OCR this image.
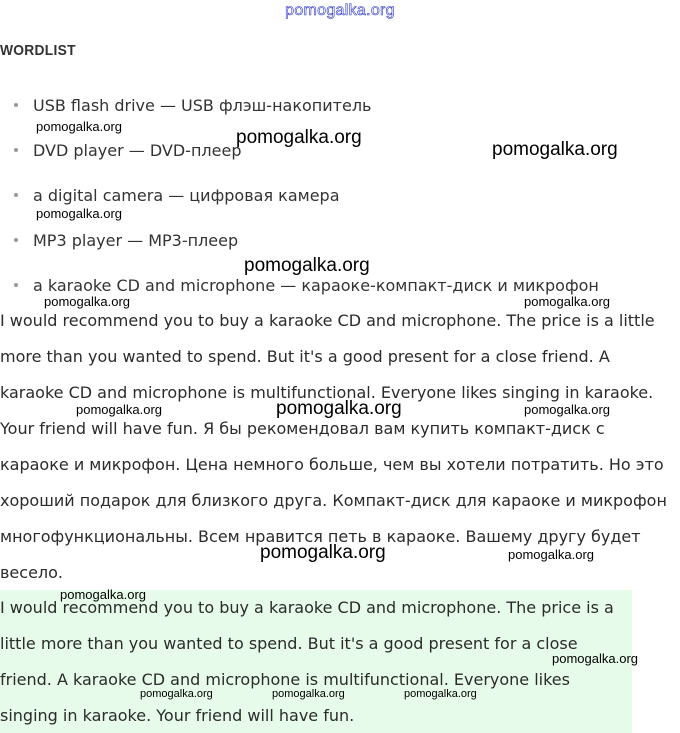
pomogalka.org
WORDLIST
USB flash drive — USB флэш-накопитель
DVD player — DVD-плеер
a digital camera — цифровая камера
MP3 player — MP3-плеер
a karaoke CD and microphone — караоке-компакт-диск и микрофон
I would recommend you to buy a karaoke CD and microphone. The price is a little
more than you wanted to spend. But it's a good present for a close friend. A
karaoke CD and microphone is multifunctional. Everyone likes singing in karaoke.
Your friend will have fun. Я бы рекомендовал вам купить компакт-диск с
караоке и микрофон. Цена немного больше, чем вы хотели потратить. Но это
хороший подарок для близкого друга. Компакт-диск для караоке и микрофон
многофункциональны. Всем нравится петь в караоке. Вашему другу будет
весело.
I would recommend you to buy a karaoke CD and microphone. The price is a
little more than you wanted to spend. But it's a good present for a close
friend. A karaoke CD and microphone is multifunctional. Everyone likes
singing in karaoke. Your friend will have fun.
pomogalka.org
pomogalka.org
pomogalka.org
pomogalka.org
pomogalka.org
pomogalka.org	pomogalka.org
pomogalka.org	pomogalka.org	pomogalka.org
pomogalka.org	pomogalka.org
pomogalka.org
pomogalka.org
pomogalka.org	pomogalka.org	pomogalka.org
